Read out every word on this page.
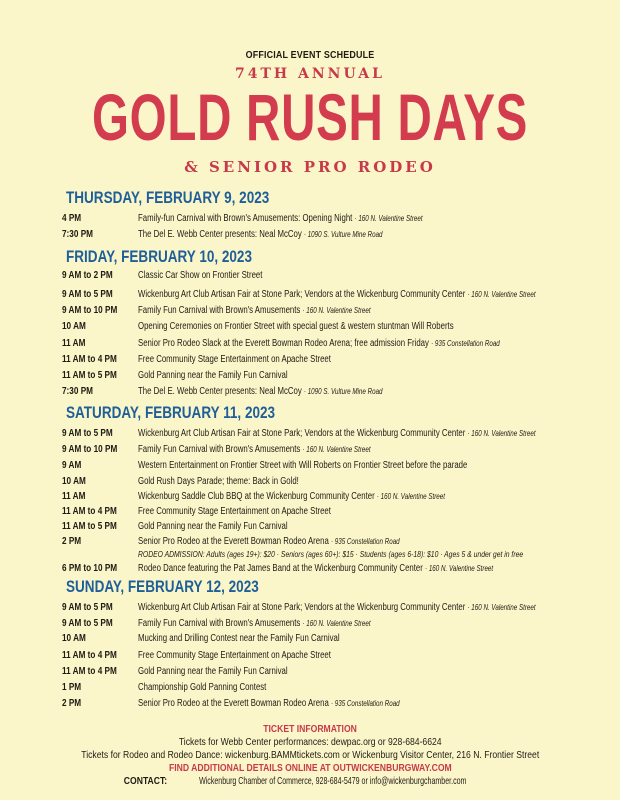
OFFICIAL EVENT SCHEDULE
74TH ANNUAL
GOLD RUSH DAYS
& SENIOR PRO RODEO
THURSDAY, FEBRUARY 9, 2023
4 PM	Family-fun Carnival with Brown's Amusements: Opening Night · 160 N. Valentine Street
7:30 PM	The Del E. Webb Center presents: Neal McCoy · 1090 S. Vulture Mine Road
FRIDAY, FEBRUARY 10, 2023
9 AM to 2 PM	Classic Car Show on Frontier Street
9 AM to 5 PM	Wickenburg Art Club Artisan Fair at Stone Park; Vendors at the Wickenburg Community Center · 160 N. Valentine Street
9 AM to 10 PM	Family Fun Carnival with Brown's Amusements · 160 N. Valentine Street
10 AM	Opening Ceremonies on Frontier Street with special guest & western stuntman Will Roberts
11 AM	Senior Pro Rodeo Slack at the Everett Bowman Rodeo Arena; free admission Friday · 935 Constellation Road
11 AM to 4 PM	Free Community Stage Entertainment on Apache Street
11 AM to 5 PM	Gold Panning near the Family Fun Carnival
7:30 PM	The Del E. Webb Center presents: Neal McCoy · 1090 S. Vulture Mine Road
SATURDAY, FEBRUARY 11, 2023
9 AM to 5 PM	Wickenburg Art Club Artisan Fair at Stone Park; Vendors at the Wickenburg Community Center · 160 N. Valentine Street
9 AM to 10 PM	Family Fun Carnival with Brown's Amusements · 160 N. Valentine Street
9 AM	Western Entertainment on Frontier Street with Will Roberts on Frontier Street before the parade
10 AM	Gold Rush Days Parade; theme: Back in Gold!
11 AM	Wickenburg Saddle Club BBQ at the Wickenburg Community Center · 160 N. Valentine Street
11 AM to 4 PM	Free Community Stage Entertainment on Apache Street
11 AM to 5 PM	Gold Panning near the Family Fun Carnival
2 PM	Senior Pro Rodeo at the Everett Bowman Rodeo Arena · 935 Constellation Road
RODEO ADMISSION: Adults (ages 19+): $20 · Seniors (ages 60+): $15 · Students (ages 6-18): $10 · Ages 5 & under get in free
6 PM to 10 PM	Rodeo Dance featuring the Pat James Band at the Wickenburg Community Center · 160 N. Valentine Street
SUNDAY, FEBRUARY 12, 2023
9 AM to 5 PM	Wickenburg Art Club Artisan Fair at Stone Park; Vendors at the Wickenburg Community Center · 160 N. Valentine Street
9 AM to 5 PM	Family Fun Carnival with Brown's Amusements · 160 N. Valentine Street
10 AM	Mucking and Drilling Contest near the Family Fun Carnival
11 AM to 4 PM	Free Community Stage Entertainment on Apache Street
11 AM to 4 PM	Gold Panning near the Family Fun Carnival
1 PM	Championship Gold Panning Contest
2 PM	Senior Pro Rodeo at the Everett Bowman Rodeo Arena · 935 Constellation Road
TICKET INFORMATION
Tickets for Webb Center performances: dewpac.org or 928-684-6624
Tickets for Rodeo and Rodeo Dance: wickenburg.BAMMtickets.com or Wickenburg Visitor Center, 216 N. Frontier Street
FIND ADDITIONAL DETAILS ONLINE AT OUTWICKENBURGWAY.COM
CONTACT:	Wickenburg Chamber of Commerce, 928-684-5479 or info@wickenburgchamber.com
